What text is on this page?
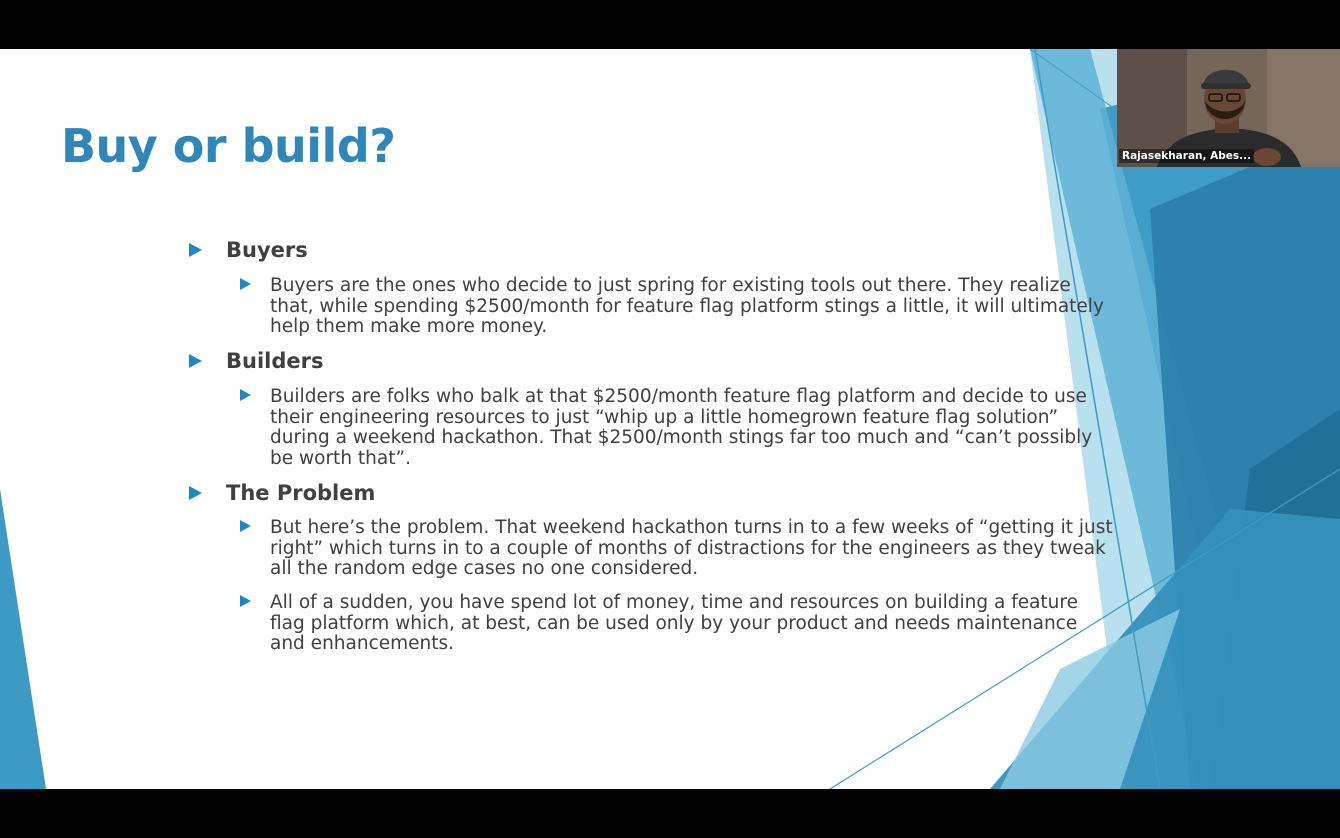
Buy or build?
Buyers
Buyers are the ones who decide to just spring for existing tools out there. They realize that, while spending $2500/month for feature flag platform stings a little, it will ultimately help them make more money.
Builders
Builders are folks who balk at that $2500/month feature flag platform and decide to use their engineering resources to just “whip up a little homegrown feature flag solution” during a weekend hackathon. That $2500/month stings far too much and “can’t possibly be worth that”.
The Problem
But here’s the problem. That weekend hackathon turns in to a few weeks of “getting it just right” which turns in to a couple of months of distractions for the engineers as they tweak all the random edge cases no one considered.
All of a sudden, you have spend lot of money, time and resources on building a feature flag platform which, at best, can be used only by your product and needs maintenance and enhancements.
Rajasekharan, Abes...
